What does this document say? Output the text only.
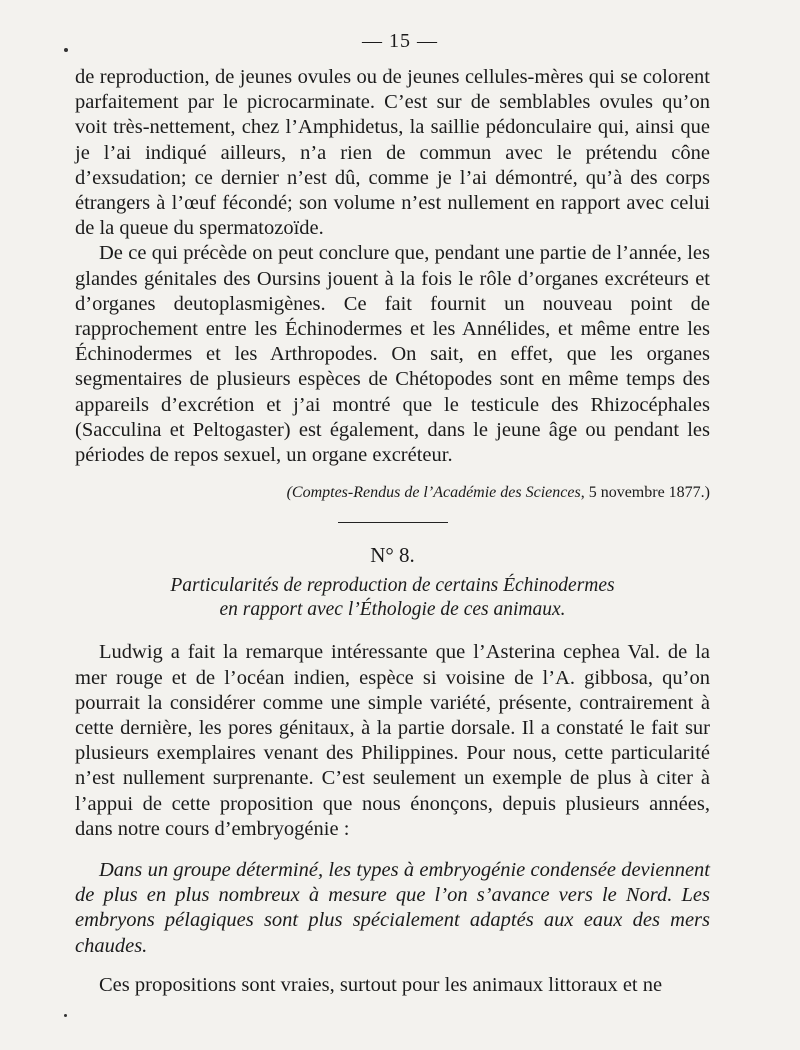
— 15 —

de reproduction, de jeunes ovules ou de jeunes cellules-mères qui se colorent parfaitement par le picrocarminate. C’est sur de semblables ovules qu’on voit très-nettement, chez l’Amphidetus, la saillie pédonculaire qui, ainsi que je l’ai indiqué ailleurs, n’a rien de commun avec le prétendu cône d’exsudation; ce dernier n’est dû, comme je l’ai démontré, qu’à des corps étrangers à l’œuf fécondé; son volume n’est nullement en rapport avec celui de la queue du spermatozoïde.

De ce qui précède on peut conclure que, pendant une partie de l’année, les glandes génitales des Oursins jouent à la fois le rôle d’organes excréteurs et d’organes deutoplasmigènes. Ce fait fournit un nouveau point de rapprochement entre les Échinodermes et les Annélides, et même entre les Échinodermes et les Arthropodes. On sait, en effet, que les organes segmentaires de plusieurs espèces de Chétopodes sont en même temps des appareils d’excrétion et j’ai montré que le testicule des Rhizocéphales (Sacculina et Peltogaster) est également, dans le jeune âge ou pendant les périodes de repos sexuel, un organe excréteur.

(Comptes-Rendus de l’Académie des Sciences, 5 novembre 1877.)

N° 8.
Particularités de reproduction de certains Échinodermes
en rapport avec l’Éthologie de ces animaux.

Ludwig a fait la remarque intéressante que l’Asterina cephea Val. de la mer rouge et de l’océan indien, espèce si voisine de l’A. gibbosa, qu’on pourrait la considérer comme une simple variété, présente, contrairement à cette dernière, les pores génitaux, à la partie dorsale. Il a constaté le fait sur plusieurs exemplaires venant des Philippines. Pour nous, cette particularité n’est nullement surprenante. C’est seulement un exemple de plus à citer à l’appui de cette proposition que nous énonçons, depuis plusieurs années, dans notre cours d’embryogénie :

Dans un groupe déterminé, les types à embryogénie condensée deviennent de plus en plus nombreux à mesure que l’on s’avance vers le Nord. Les embryons pélagiques sont plus spécialement adaptés aux eaux des mers chaudes.

Ces propositions sont vraies, surtout pour les animaux littoraux et ne
